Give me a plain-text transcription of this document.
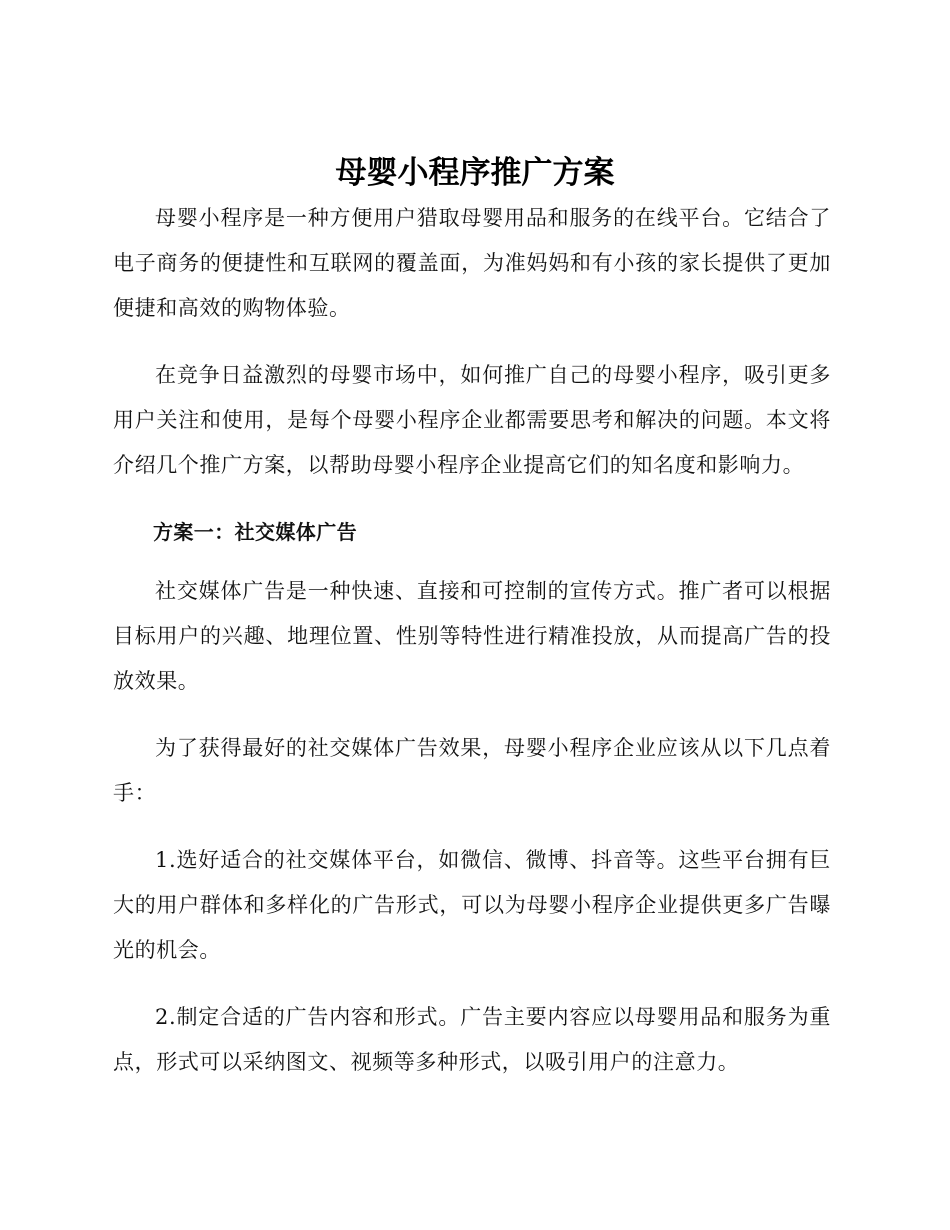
母婴小程序推广方案

母婴小程序是一种方便用户猎取母婴用品和服务的在线平台。它结合了电子商务的便捷性和互联网的覆盖面，为准妈妈和有小孩的家长提供了更加便捷和高效的购物体验。

在竞争日益激烈的母婴市场中，如何推广自己的母婴小程序，吸引更多用户关注和使用，是每个母婴小程序企业都需要思考和解决的问题。本文将介绍几个推广方案，以帮助母婴小程序企业提高它们的知名度和影响力。

方案一：社交媒体广告

社交媒体广告是一种快速、直接和可控制的宣传方式。推广者可以根据目标用户的兴趣、地理位置、性别等特性进行精准投放，从而提高广告的投放效果。

为了获得最好的社交媒体广告效果，母婴小程序企业应该从以下几点着手：

1.选好适合的社交媒体平台，如微信、微博、抖音等。这些平台拥有巨大的用户群体和多样化的广告形式，可以为母婴小程序企业提供更多广告曝光的机会。

2.制定合适的广告内容和形式。广告主要内容应以母婴用品和服务为重点，形式可以采纳图文、视频等多种形式，以吸引用户的注意力。
